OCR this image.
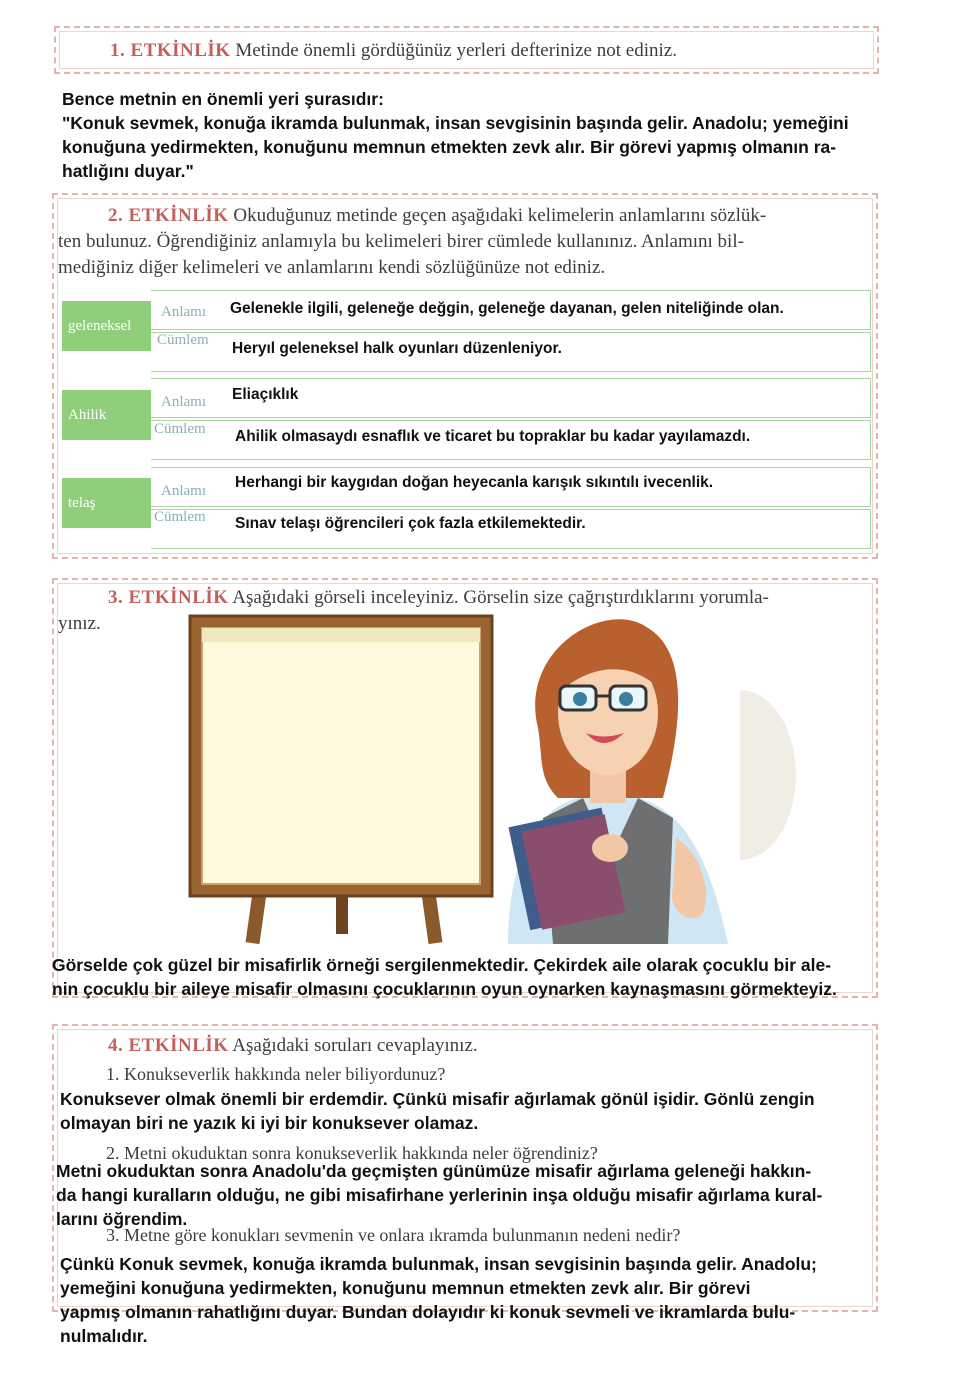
1. ETKİNLİK Metinde önemli gördüğünüz yerleri defterinize not ediniz.
Bence metnin en önemli yeri şurasıdır:
"Konuk sevmek, konuğa ikramda bulunmak, insan sevgisinin başında gelir. Anadolu; yemeğini
konuğuna yedirmekten, konuğunu memnun etmekten zevk alır. Bir görevi yapmış olmanın ra-
hatlığını duyar."
2. ETKİNLİK Okuduğunuz metinde geçen aşağıdaki kelimelerin anlamlarını sözlük-
ten bulunuz. Öğrendiğiniz anlamıyla bu kelimeleri birer cümlede kullanınız. Anlamını bil-
mediğiniz diğer kelimeleri ve anlamlarını kendi sözlüğünüze not ediniz.
geleneksel
Anlamı
Cümlem
Gelenekle ilgili, geleneğe değgin, geleneğe dayanan, gelen niteliğinde olan.
Heryıl geleneksel halk oyunları düzenleniyor.
Ahilik
Anlamı
Cümlem
Eliaçıklık
Ahilik olmasaydı esnaflık ve ticaret bu topraklar bu kadar yayılamazdı.
telaş
Anlamı
Cümlem
Herhangi bir kaygıdan doğan heyecanla karışık sıkıntılı ivecenlik.
Sınav telaşı öğrencileri çok fazla etkilemektedir.
3. ETKİNLİK Aşağıdaki görseli inceleyiniz. Görselin size çağrıştırdıklarını yorumla-
yınız.
Görselde çok güzel bir misafirlik örneği sergilenmektedir. Çekirdek aile olarak çocuklu bir ale-
nin çocuklu bir aileye misafir olmasını çocuklarının oyun oynarken kaynaşmasını görmekteyiz.
4. ETKİNLİK Aşağıdaki soruları cevaplayınız.
1. Konukseverlik hakkında neler biliyordunuz?
Konuksever olmak önemli bir erdemdir. Çünkü misafir ağırlamak gönül işidir. Gönlü zengin
olmayan biri ne yazık ki iyi bir konuksever olamaz.
2. Metni okuduktan sonra konukseverlik hakkında neler öğrendiniz?
Metni okuduktan sonra Anadolu'da geçmişten günümüze misafir ağırlama geleneği hakkın-
da hangi kuralların olduğu, ne gibi misafirhane yerlerinin inşa olduğu misafir ağırlama kural-
larını öğrendim.
3. Metne göre konukları sevmenin ve onlara ıkramda bulunmanın nedeni nedir?
Çünkü Konuk sevmek, konuğa ikramda bulunmak, insan sevgisinin başında gelir. Anadolu;
yemeğini konuğuna yedirmekten, konuğunu memnun etmekten zevk alır. Bir görevi
yapmış olmanın rahatlığını duyar. Bundan dolayıdır ki konuk sevmeli ve ikramlarda bulu-
nulmalıdır.
